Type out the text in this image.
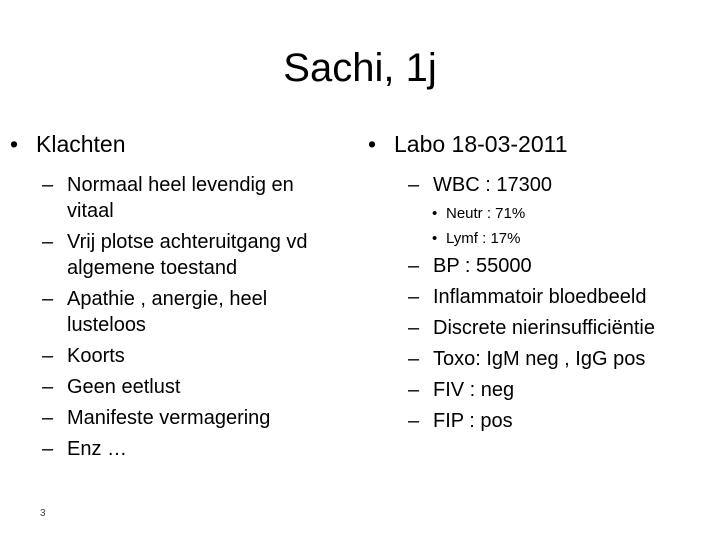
Sachi, 1j
• Klachten
– Normaal heel levendig en vitaal
– Vrij plotse achteruitgang vd algemene toestand
– Apathie , anergie, heel lusteloos
– Koorts
– Geen eetlust
– Manifeste vermagering
– Enz …
• Labo 18-03-2011
– WBC : 17300
• Neutr : 71%
• Lymf : 17%
– BP : 55000
– Inflammatoir bloedbeeld
– Discrete nierinsufficiëntie
– Toxo: IgM neg , IgG pos
– FIV : neg
– FIP : pos
3
